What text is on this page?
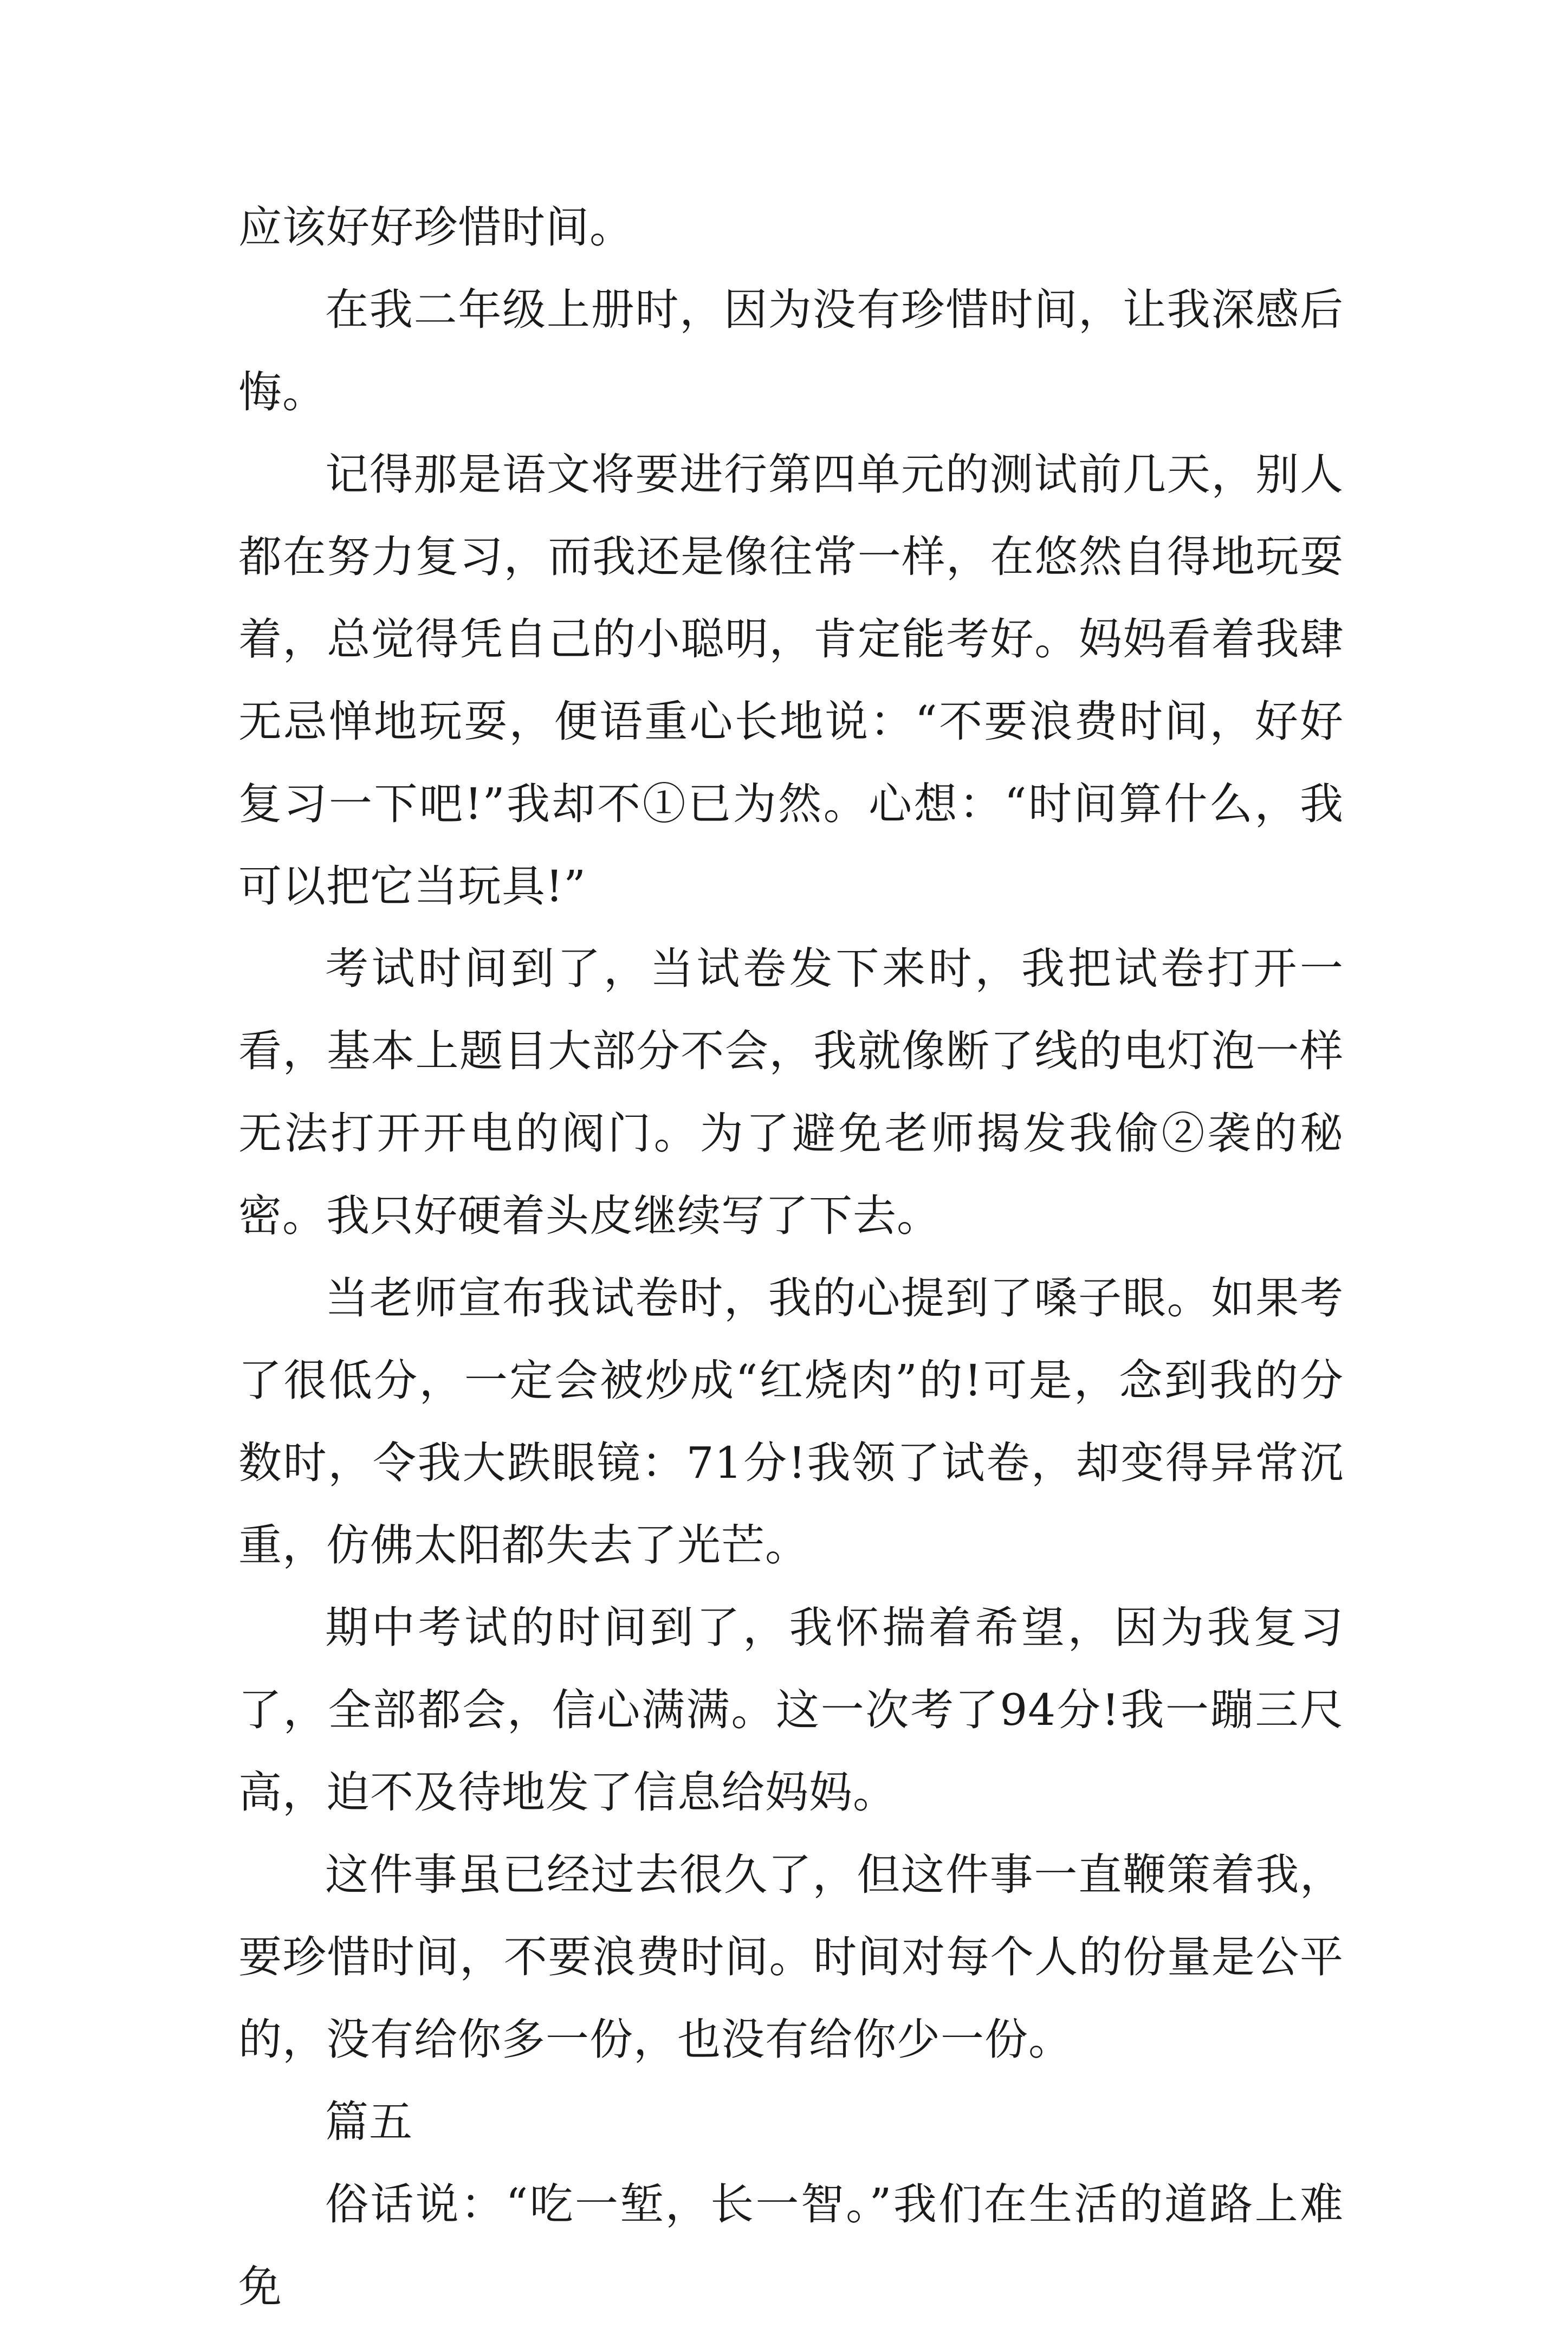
应该好好珍惜时间。

在我二年级上册时，因为没有珍惜时间，让我深感后悔。

记得那是语文将要进行第四单元的测试前几天，别人都在努力复习，而我还是像往常一样，在悠然自得地玩耍着，总觉得凭自己的小聪明，肯定能考好。妈妈看着我肆无忌惮地玩耍，便语重心长地说：“不要浪费时间，好好复习一下吧!”我却不①已为然。心想：“时间算什么，我可以把它当玩具!”

考试时间到了，当试卷发下来时，我把试卷打开一看，基本上题目大部分不会，我就像断了线的电灯泡一样无法打开开电的阀门。为了避免老师揭发我偷②袭的秘密。我只好硬着头皮继续写了下去。

当老师宣布我试卷时，我的心提到了嗓子眼。如果考了很低分，一定会被炒成“红烧肉”的!可是，念到我的分数时，令我大跌眼镜：71分!我领了试卷，却变得异常沉重，仿佛太阳都失去了光芒。

期中考试的时间到了，我怀揣着希望，因为我复习了，全部都会，信心满满。这一次考了94分!我一蹦三尺高，迫不及待地发了信息给妈妈。

这件事虽已经过去很久了，但这件事一直鞭策着我，要珍惜时间，不要浪费时间。时间对每个人的份量是公平的，没有给你多一份，也没有给你少一份。

篇五

俗话说：“吃一堑，长一智。”我们在生活的道路上难免
